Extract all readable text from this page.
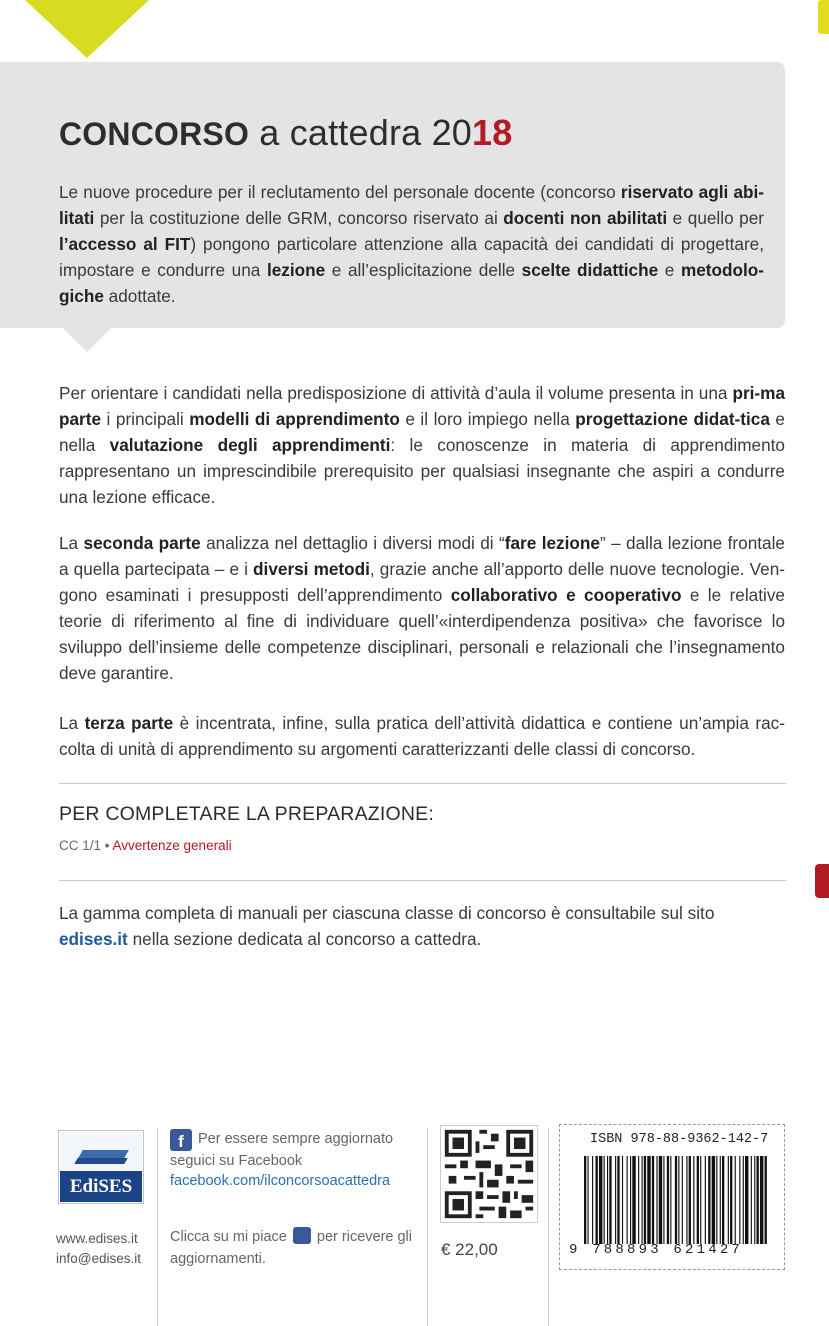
CONCORSO a cattedra 2018
Le nuove procedure per il reclutamento del personale docente (concorso riservato agli abi-litati per la costituzione delle GRM, concorso riservato ai docenti non abilitati e quello per l’accesso al FIT) pongono particolare attenzione alla capacità dei candidati di progettare, impostare e condurre una lezione e all’esplicitazione delle scelte didattiche e metodolo-giche adottate.
Per orientare i candidati nella predisposizione di attività d’aula il volume presenta in una pri-ma parte i principali modelli di apprendimento e il loro impiego nella progettazione didat-tica e nella valutazione degli apprendimenti: le conoscenze in materia di apprendimento rappresentano un imprescindibile prerequisito per qualsiasi insegnante che aspiri a condurre una lezione efficace.
La seconda parte analizza nel dettaglio i diversi modi di “fare lezione” – dalla lezione frontale a quella partecipata – e i diversi metodi, grazie anche all’apporto delle nuove tecnologie. Ven-gono esaminati i presupposti dell’apprendimento collaborativo e cooperativo e le relative teorie di riferimento al fine di individuare quell’«interdipendenza positiva» che favorisce lo sviluppo dell’insieme delle competenze disciplinari, personali e relazionali che l’insegnamento deve garantire.
La terza parte è incentrata, infine, sulla pratica dell’attività didattica e contiene un’ampia rac-colta di unità di apprendimento su argomenti caratterizzanti delle classi di concorso.
PER COMPLETARE LA PREPARAZIONE:
CC 1/1 • Avvertenze generali
La gamma completa di manuali per ciascuna classe di concorso è consultabile sul sito edises.it nella sezione dedicata al concorso a cattedra.
EdiSES
www.edises.it
info@edises.it
f Per essere sempre aggiornato
seguici su Facebook
facebook.com/ilconcorsoacattedra
Clicca su mi piace per ricevere gli aggiornamenti.	€ 22,00
ISBN 978-88-9362-142-7
9 788893 621427
